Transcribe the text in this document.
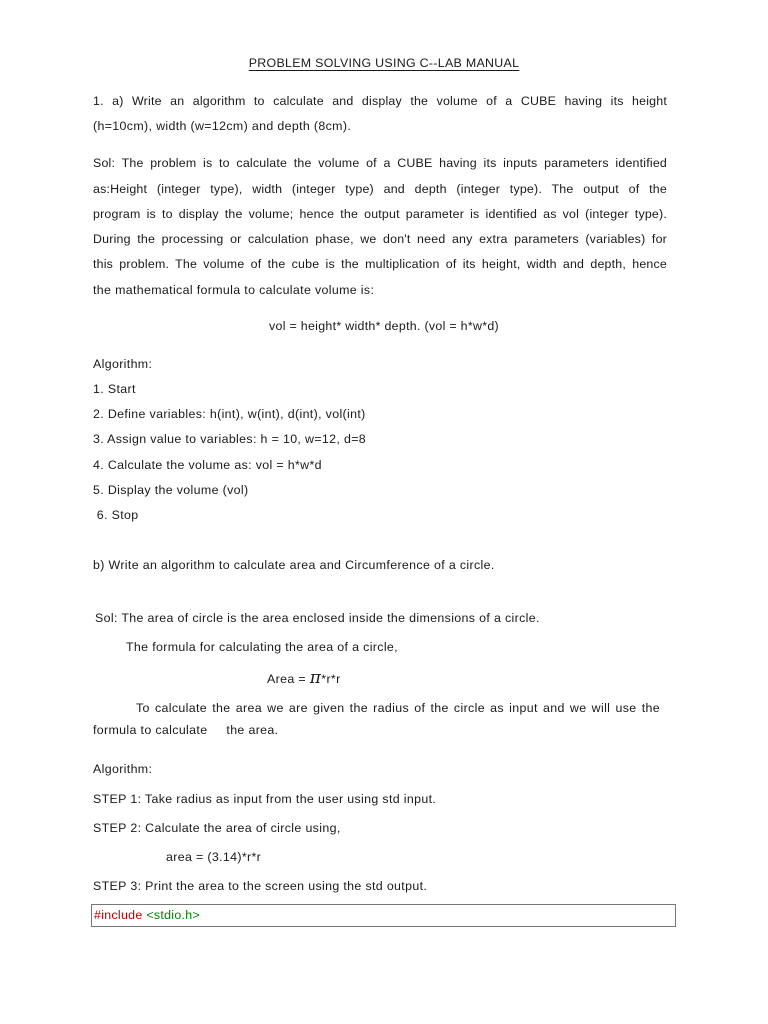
PROBLEM SOLVING USING C--LAB MANUAL
1. a) Write an algorithm to calculate and display the volume of a CUBE having its height
(h=10cm), width (w=12cm) and depth (8cm).
Sol: The problem is to calculate the volume of a CUBE having its inputs parameters identified
as:Height (integer type), width (integer type) and depth (integer type). The output of the
program is to display the volume; hence the output parameter is identified as vol (integer type).
During the processing or calculation phase, we don't need any extra parameters (variables) for
this problem. The volume of the cube is the multiplication of its height, width and depth, hence
the mathematical formula to calculate volume is:
vol = height* width* depth. (vol = h*w*d)
Algorithm:
1. Start
2. Define variables: h(int), w(int), d(int), vol(int)
3. Assign value to variables: h = 10, w=12, d=8
4. Calculate the volume as: vol = h*w*d
5. Display the volume (vol)
6. Stop
b) Write an algorithm to calculate area and Circumference of a circle.
Sol: The area of circle is the area enclosed inside the dimensions of a circle.
The formula for calculating the area of a circle,
Area = π*r*r
To calculate the area we are given the radius of the circle as input and we will use the
formula to calculate     the area.
Algorithm:
STEP 1: Take radius as input from the user using std input.
STEP 2: Calculate the area of circle using,
area = (3.14)*r*r
STEP 3: Print the area to the screen using the std output.
#include <stdio.h>
